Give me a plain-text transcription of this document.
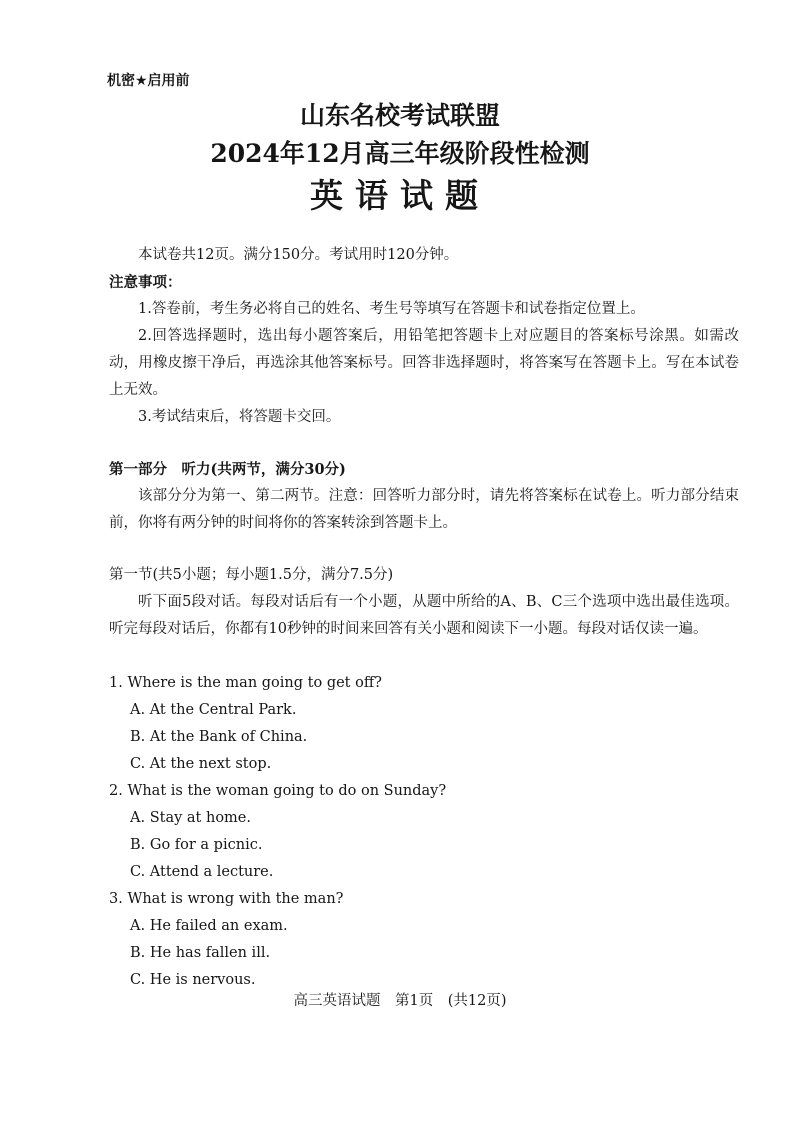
机密★启用前
山东名校考试联盟
2024年12月高三年级阶段性检测
英语试题
本试卷共12页。满分150分。考试用时120分钟。
注意事项：
1.答卷前，考生务必将自己的姓名、考生号等填写在答题卡和试卷指定位置上。
2.回答选择题时，选出每小题答案后，用铅笔把答题卡上对应题目的答案标号涂黑。如需改动，用橡皮擦干净后，再选涂其他答案标号。回答非选择题时，将答案写在答题卡上。写在本试卷上无效。
3.考试结束后，将答题卡交回。
第一部分　听力(共两节，满分30分)
该部分分为第一、第二两节。注意：回答听力部分时，请先将答案标在试卷上。听力部分结束前，你将有两分钟的时间将你的答案转涂到答题卡上。
第一节(共5小题；每小题1.5分，满分7.5分)
听下面5段对话。每段对话后有一个小题，从题中所给的A、B、C三个选项中选出最佳选项。听完每段对话后，你都有10秒钟的时间来回答有关小题和阅读下一小题。每段对话仅读一遍。
1. Where is the man going to get off?
A. At the Central Park.
B. At the Bank of China.
C. At the next stop.
2. What is the woman going to do on Sunday?
A. Stay at home.
B. Go for a picnic.
C. Attend a lecture.
3. What is wrong with the man?
A. He failed an exam.
B. He has fallen ill.
C. He is nervous.
高三英语试题　第1页　(共12页)
